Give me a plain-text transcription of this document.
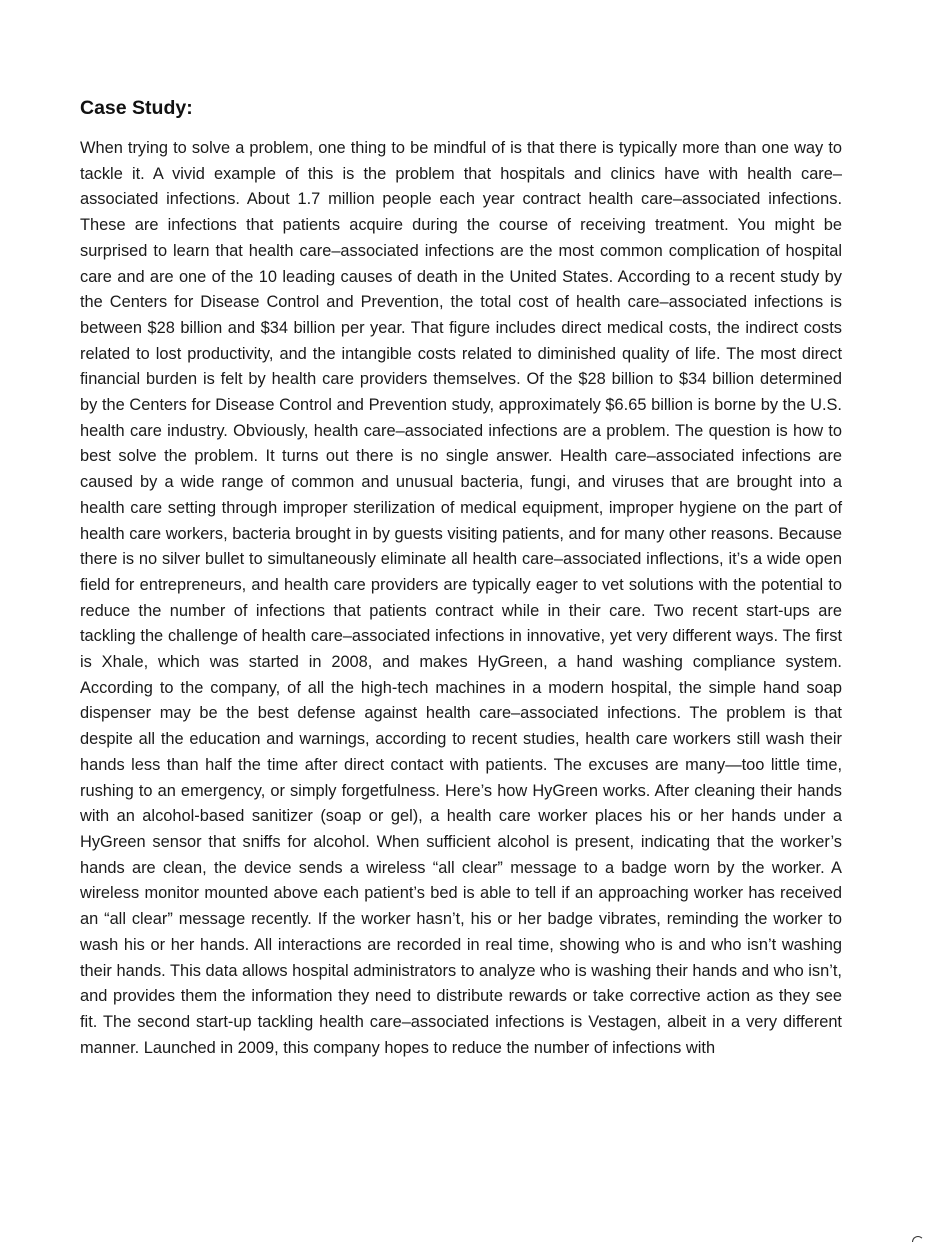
Case Study:

When trying to solve a problem, one thing to be mindful of is that there is typically more than one way to tackle it. A vivid example of this is the problem that hospitals and clinics have with health care–associated infections. About 1.7 million people each year contract health care–associated infections. These are infections that patients acquire during the course of receiving treatment. You might be surprised to learn that health care–associated infections are the most common complication of hospital care and are one of the 10 leading causes of death in the United States. According to a recent study by the Centers for Disease Control and Prevention, the total cost of health care–associated infections is between $28 billion and $34 billion per year. That figure includes direct medical costs, the indirect costs related to lost productivity, and the intangible costs related to diminished quality of life. The most direct financial burden is felt by health care providers themselves. Of the $28 billion to $34 billion determined by the Centers for Disease Control and Prevention study, approximately $6.65 billion is borne by the U.S. health care industry. Obviously, health care–associated infections are a problem. The question is how to best solve the problem. It turns out there is no single answer. Health care–associated infections are caused by a wide range of common and unusual bacteria, fungi, and viruses that are brought into a health care setting through improper sterilization of medical equipment, improper hygiene on the part of health care workers, bacteria brought in by guests visiting patients, and for many other reasons. Because there is no silver bullet to simultaneously eliminate all health care–associated inflections, it’s a wide open field for entrepreneurs, and health care providers are typically eager to vet solutions with the potential to reduce the number of infections that patients contract while in their care. Two recent start-ups are tackling the challenge of health care–associated infections in innovative, yet very different ways. The first is Xhale, which was started in 2008, and makes HyGreen, a hand washing compliance system. According to the company, of all the high-tech machines in a modern hospital, the simple hand soap dispenser may be the best defense against health care–associated infections. The problem is that despite all the education and warnings, according to recent studies, health care workers still wash their hands less than half the time after direct contact with patients. The excuses are many—too little time, rushing to an emergency, or simply forgetfulness. Here’s how HyGreen works. After cleaning their hands with an alcohol-based sanitizer (soap or gel), a health care worker places his or her hands under a HyGreen sensor that sniffs for alcohol. When sufficient alcohol is present, indicating that the worker’s hands are clean, the device sends a wireless “all clear” message to a badge worn by the worker. A wireless monitor mounted above each patient’s bed is able to tell if an approaching worker has received an “all clear” message recently. If the worker hasn’t, his or her badge vibrates, reminding the worker to wash his or her hands. All interactions are recorded in real time, showing who is and who isn’t washing their hands. This data allows hospital administrators to analyze who is washing their hands and who isn’t, and provides them the information they need to distribute rewards or take corrective action as they see fit. The second start-up tackling health care–associated infections is Vestagen, albeit in a very different manner. Launched in 2009, this company hopes to reduce the number of infections with
